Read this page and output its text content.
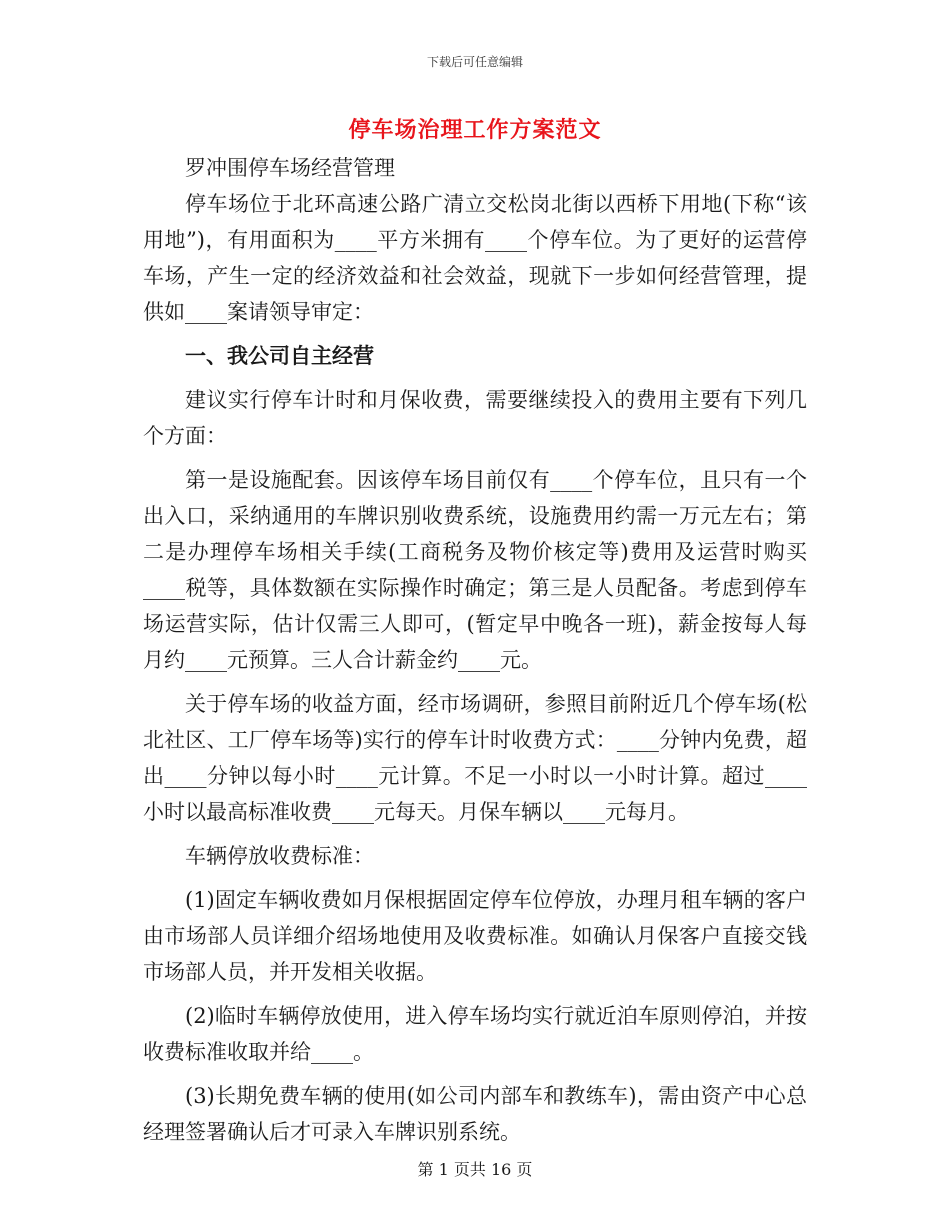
下载后可任意编辑
停车场治理工作方案范文

罗冲围停车场经营管理

停车场位于北环高速公路广清立交松岗北街以西桥下用地(下称“该用地”)，有用面积为____平方米拥有____个停车位。为了更好的运营停车场，产生一定的经济效益和社会效益，现就下一步如何经营管理，提供如____案请领导审定：

一、我公司自主经营

建议实行停车计时和月保收费，需要继续投入的费用主要有下列几个方面：

第一是设施配套。因该停车场目前仅有____个停车位，且只有一个出入口，采纳通用的车牌识别收费系统，设施费用约需一万元左右；第二是办理停车场相关手续(工商税务及物价核定等)费用及运营时购买____税等，具体数额在实际操作时确定；第三是人员配备。考虑到停车场运营实际，估计仅需三人即可，(暂定早中晚各一班)，薪金按每人每月约____元预算。三人合计薪金约____元。

关于停车场的收益方面，经市场调研，参照目前附近几个停车场(松北社区、工厂停车场等)实行的停车计时收费方式：____分钟内免费，超出____分钟以每小时____元计算。不足一小时以一小时计算。超过____小时以最高标准收费____元每天。月保车辆以____元每月。

车辆停放收费标准：

(1)固定车辆收费如月保根据固定停车位停放，办理月租车辆的客户由市场部人员详细介绍场地使用及收费标准。如确认月保客户直接交钱市场部人员，并开发相关收据。

(2)临时车辆停放使用，进入停车场均实行就近泊车原则停泊，并按收费标准收取并给____。

(3)长期免费车辆的使用(如公司内部车和教练车)，需由资产中心总经理签署确认后才可录入车牌识别系统。

第 1 页共 16 页
